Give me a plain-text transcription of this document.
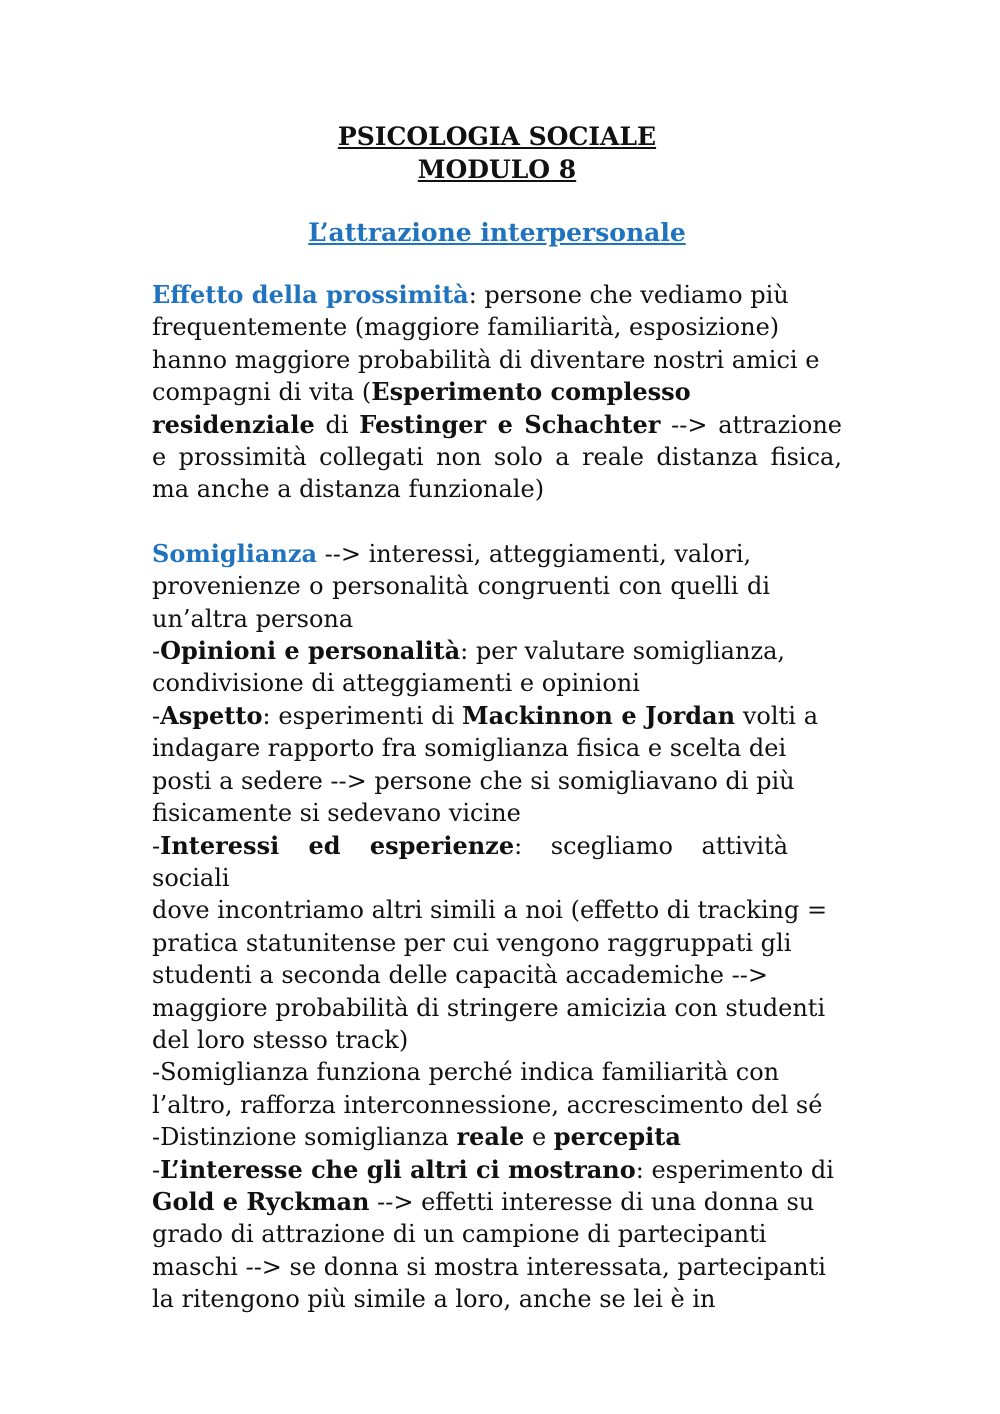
PSICOLOGIA SOCIALE
MODULO 8

L’attrazione interpersonale

Effetto della prossimità: persone che vediamo più
frequentemente (maggiore familiarità, esposizione)
hanno maggiore probabilità di diventare nostri amici e
compagni di vita (Esperimento complesso
residenziale di Festinger e Schachter --> attrazione
e prossimità collegati non solo a reale distanza fisica,
ma anche a distanza funzionale)
Somiglianza --> interessi, atteggiamenti, valori,
provenienze o personalità congruenti con quelli di
un’altra persona
-Opinioni e personalità: per valutare somiglianza,
condivisione di atteggiamenti e opinioni
-Aspetto: esperimenti di Mackinnon e Jordan volti a
indagare rapporto fra somiglianza fisica e scelta dei
posti a sedere --> persone che si somigliavano di più
fisicamente si sedevano vicine
-Interessi ed esperienze: scegliamo attività sociali
dove incontriamo altri simili a noi (effetto di tracking =
pratica statunitense per cui vengono raggruppati gli
studenti a seconda delle capacità accademiche -->
maggiore probabilità di stringere amicizia con studenti
del loro stesso track)
-Somiglianza funziona perché indica familiarità con
l’altro, rafforza interconnessione, accrescimento del sé
-Distinzione somiglianza reale e percepita
-L’interesse che gli altri ci mostrano: esperimento di
Gold e Ryckman --> effetti interesse di una donna su
grado di attrazione di un campione di partecipanti
maschi --> se donna si mostra interessata, partecipanti
la ritengono più simile a loro, anche se lei è in
